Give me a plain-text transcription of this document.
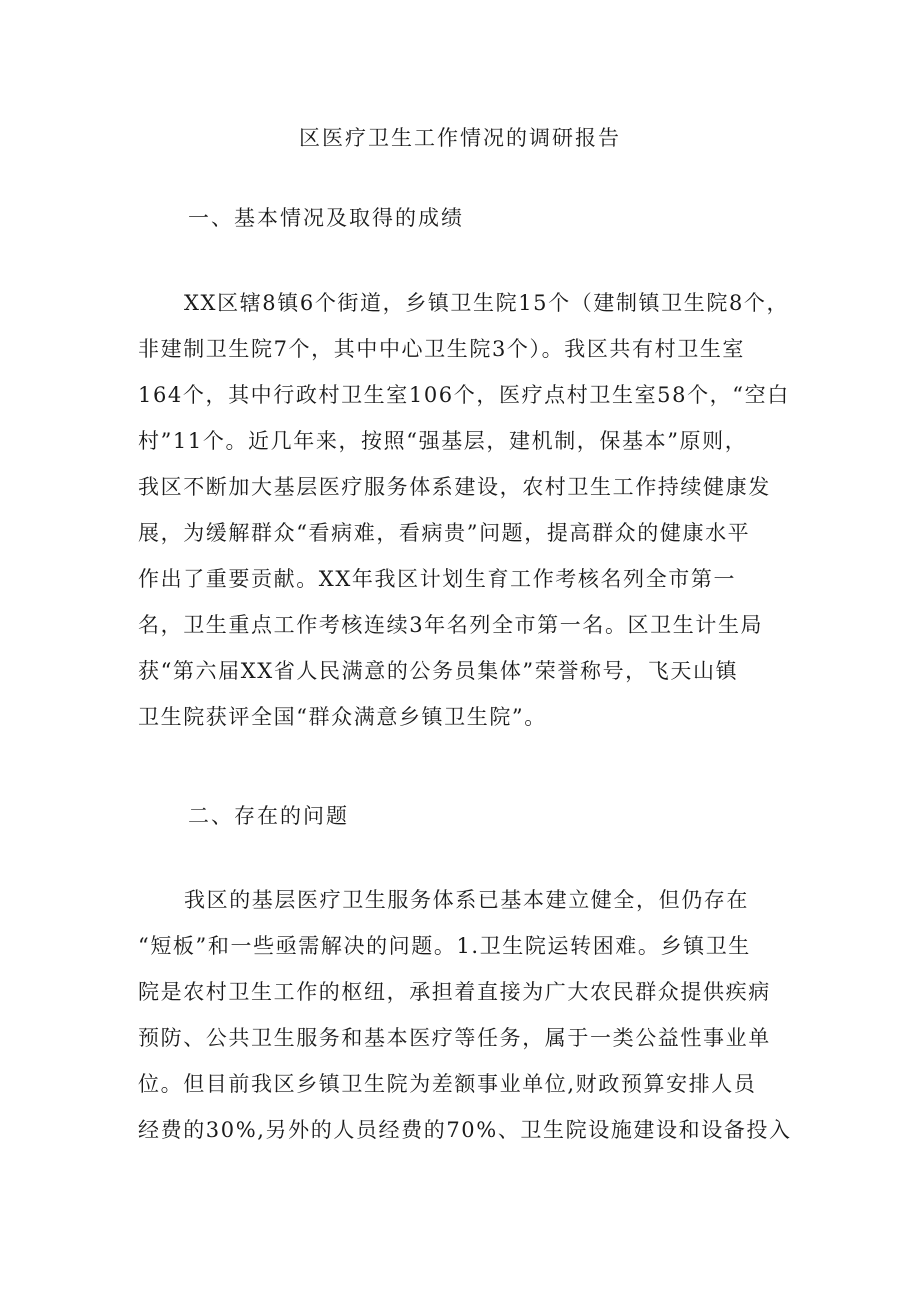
区医疗卫生工作情况的调研报告
一、基本情况及取得的成绩
XX区辖8镇6个街道，乡镇卫生院15个（建制镇卫生院8个，
非建制卫生院7个，其中中心卫生院3个）。我区共有村卫生室
164个，其中行政村卫生室106个，医疗点村卫生室58个，“空白
村”11个。近几年来，按照“强基层，建机制，保基本”原则，
我区不断加大基层医疗服务体系建设，农村卫生工作持续健康发
展，为缓解群众“看病难，看病贵”问题，提高群众的健康水平
作出了重要贡献。XX年我区计划生育工作考核名列全市第一
名，卫生重点工作考核连续3年名列全市第一名。区卫生计生局
获“第六届XX省人民满意的公务员集体”荣誉称号，飞天山镇
卫生院获评全国“群众满意乡镇卫生院”。
二、存在的问题
我区的基层医疗卫生服务体系已基本建立健全，但仍存在
“短板”和一些亟需解决的问题。1.卫生院运转困难。乡镇卫生
院是农村卫生工作的枢纽，承担着直接为广大农民群众提供疾病
预防、公共卫生服务和基本医疗等任务，属于一类公益性事业单
位。但目前我区乡镇卫生院为差额事业单位,财政预算安排人员
经费的30%,另外的人员经费的70%、卫生院设施建设和设备投入
